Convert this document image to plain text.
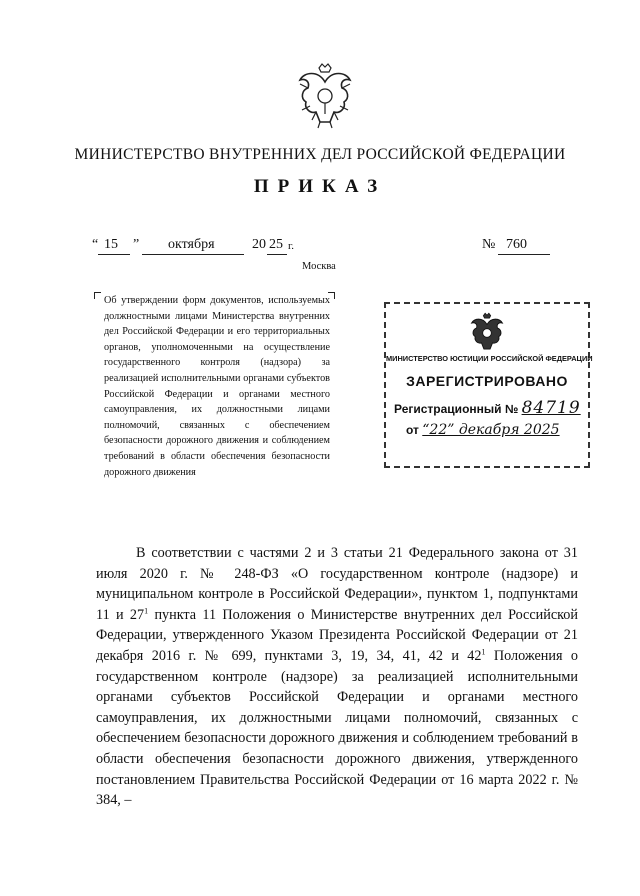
МИНИСТЕРСТВО ВНУТРЕННИХ ДЕЛ РОССИЙСКОЙ ФЕДЕРАЦИИ
ПРИКАЗ
“ 15 ” октября	20 25 г.	№ 760
Москва
Об утверждении форм документов, используемых должностными лицами Министерства внутренних дел Российской Федерации и его территориальных органов, уполномоченными на осуществление государственного контроля (надзора) за реализацией исполнительными органами субъектов Российской Федерации и органами местного самоуправления, их должностными лицами полномочий, связанных с обеспечением безопасности дорожного движения и соблюдением требований в области обеспечения безопасности дорожного движения
МИНИСТЕРСТВО ЮСТИЦИИ РОССИЙСКОЙ ФЕДЕРАЦИИ
ЗАРЕГИСТРИРОВАНО
Регистрационный № 84719
от “22” декабря 2025

В соответствии с частями 2 и 3 статьи 21 Федерального закона от 31 июля 2020 г. № 248-ФЗ «О государственном контроле (надзоре) и муниципальном контроле в Российской Федерации», пунктом 1, подпунктами 11 и $27^1$ пункта 11 Положения о Министерстве внутренних дел Российской Федерации, утвержденного Указом Президента Российской Федерации от 21 декабря 2016 г. № 699, пунктами 3, 19, 34, 41, 42 и $42^1$ Положения о государственном контроле (надзоре) за реализацией исполнительными органами субъектов Российской Федерации и органами местного самоуправления, их должностными лицами полномочий, связанных с обеспечением безопасности дорожного движения и соблюдением требований в области обеспечения безопасности дорожного движения, утвержденного постановлением Правительства Российской Федерации от 16 марта 2022 г. № 384, –
